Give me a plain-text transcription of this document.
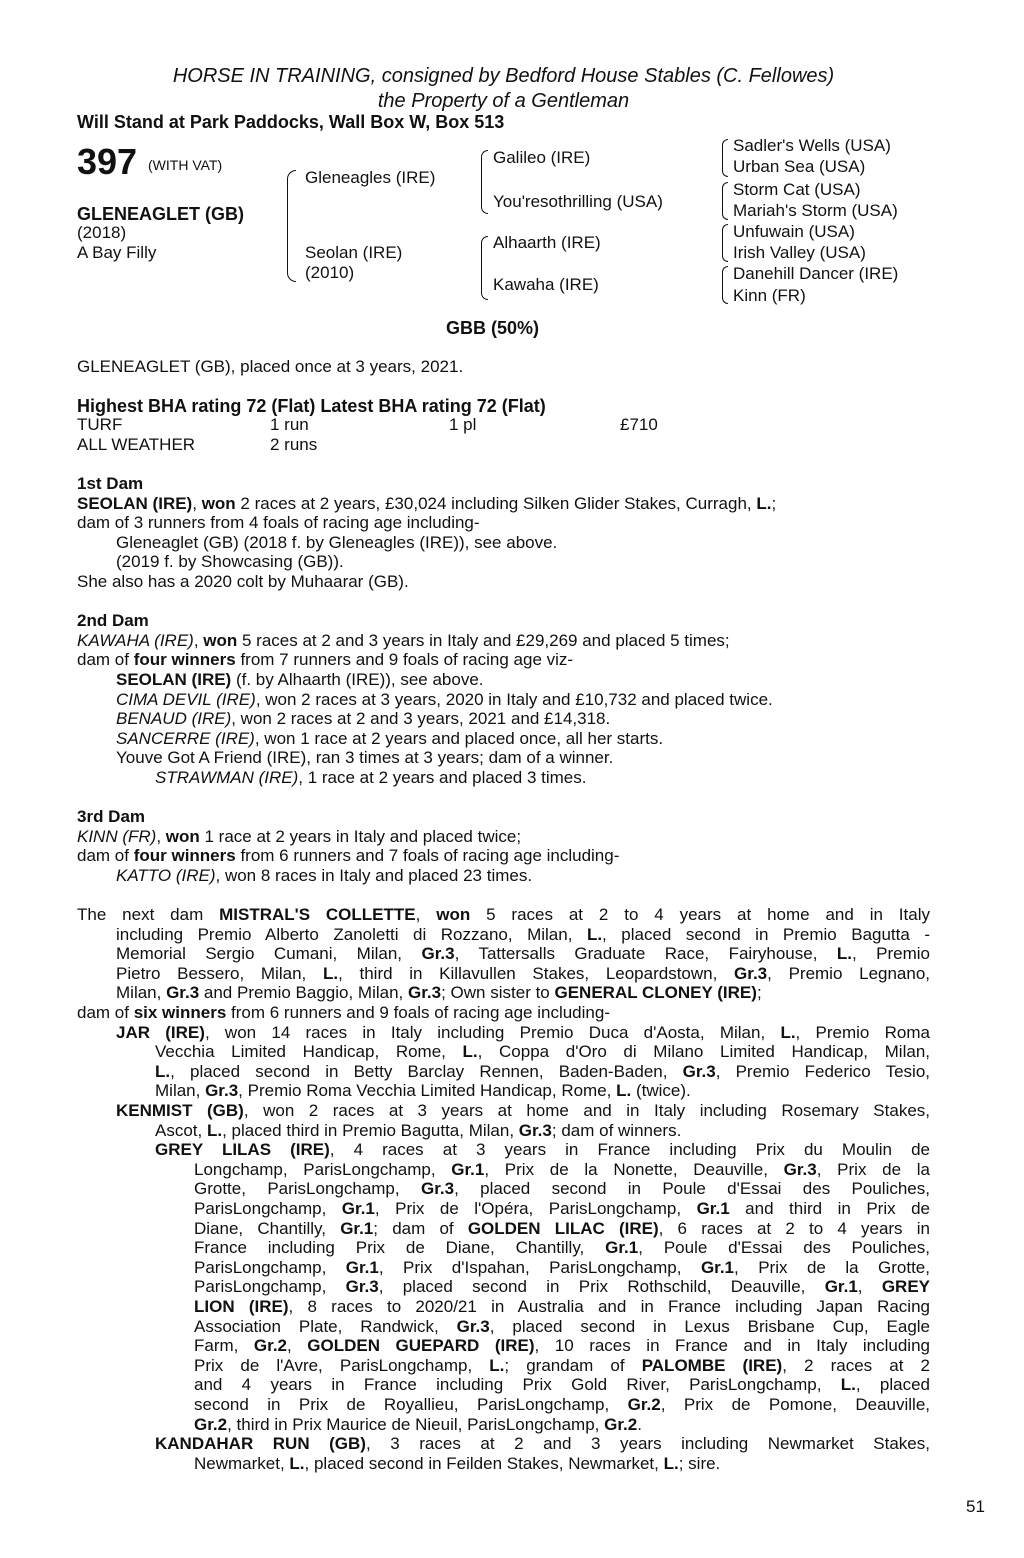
HORSE IN TRAINING, consigned by Bedford House Stables (C. Fellowes)
the Property of a Gentleman
Will Stand at Park Paddocks, Wall Box W, Box 513
397 (WITH VAT)
GLENEAGLET (GB)
(2018)
A Bay Filly
Gleneagles (IRE)
Seolan (IRE)
(2010)
Galileo (IRE)
You'resothrilling (USA)
Alhaarth (IRE)
Kawaha (IRE)
Sadler's Wells (USA)
Urban Sea (USA)
Storm Cat (USA)
Mariah's Storm (USA)
Unfuwain (USA)
Irish Valley (USA)
Danehill Dancer (IRE)
Kinn (FR)
GBB (50%)
GLENEAGLET (GB), placed once at 3 years, 2021.
Highest BHA rating 72 (Flat) Latest BHA rating 72 (Flat)
TURF	1 run	1 pl	£710
ALL WEATHER	2 runs
1st Dam
SEOLAN (IRE), won 2 races at 2 years, £30,024 including Silken Glider Stakes, Curragh, L.;
dam of 3 runners from 4 foals of racing age including-
Gleneaglet (GB) (2018 f. by Gleneagles (IRE)), see above.
(2019 f. by Showcasing (GB)).
She also has a 2020 colt by Muhaarar (GB).
2nd Dam
KAWAHA (IRE), won 5 races at 2 and 3 years in Italy and £29,269 and placed 5 times;
dam of four winners from 7 runners and 9 foals of racing age viz-
SEOLAN (IRE) (f. by Alhaarth (IRE)), see above.
CIMA DEVIL (IRE), won 2 races at 3 years, 2020 in Italy and £10,732 and placed twice.
BENAUD (IRE), won 2 races at 2 and 3 years, 2021 and £14,318.
SANCERRE (IRE), won 1 race at 2 years and placed once, all her starts.
Youve Got A Friend (IRE), ran 3 times at 3 years; dam of a winner.
STRAWMAN (IRE), 1 race at 2 years and placed 3 times.
3rd Dam
KINN (FR), won 1 race at 2 years in Italy and placed twice;
dam of four winners from 6 runners and 7 foals of racing age including-
KATTO (IRE), won 8 races in Italy and placed 23 times.
The next dam MISTRAL'S COLLETTE, won 5 races at 2 to 4 years at home and in Italy
including Premio Alberto Zanoletti di Rozzano, Milan, L., placed second in Premio Bagutta -
Memorial Sergio Cumani, Milan, Gr.3, Tattersalls Graduate Race, Fairyhouse, L., Premio
Pietro Bessero, Milan, L., third in Killavullen Stakes, Leopardstown, Gr.3, Premio Legnano,
Milan, Gr.3 and Premio Baggio, Milan, Gr.3; Own sister to GENERAL CLONEY (IRE);
dam of six winners from 6 runners and 9 foals of racing age including-
JAR (IRE), won 14 races in Italy including Premio Duca d'Aosta, Milan, L., Premio Roma
Vecchia Limited Handicap, Rome, L., Coppa d'Oro di Milano Limited Handicap, Milan,
L., placed second in Betty Barclay Rennen, Baden-Baden, Gr.3, Premio Federico Tesio,
Milan, Gr.3, Premio Roma Vecchia Limited Handicap, Rome, L. (twice).
KENMIST (GB), won 2 races at 3 years at home and in Italy including Rosemary Stakes,
Ascot, L., placed third in Premio Bagutta, Milan, Gr.3; dam of winners.
GREY LILAS (IRE), 4 races at 3 years in France including Prix du Moulin de
Longchamp, ParisLongchamp, Gr.1, Prix de la Nonette, Deauville, Gr.3, Prix de la
Grotte, ParisLongchamp, Gr.3, placed second in Poule d'Essai des Pouliches,
ParisLongchamp, Gr.1, Prix de l'Opéra, ParisLongchamp, Gr.1 and third in Prix de
Diane, Chantilly, Gr.1; dam of GOLDEN LILAC (IRE), 6 races at 2 to 4 years in
France including Prix de Diane, Chantilly, Gr.1, Poule d'Essai des Pouliches,
ParisLongchamp, Gr.1, Prix d'Ispahan, ParisLongchamp, Gr.1, Prix de la Grotte,
ParisLongchamp, Gr.3, placed second in Prix Rothschild, Deauville, Gr.1, GREY
LION (IRE), 8 races to 2020/21 in Australia and in France including Japan Racing
Association Plate, Randwick, Gr.3, placed second in Lexus Brisbane Cup, Eagle
Farm, Gr.2, GOLDEN GUEPARD (IRE), 10 races in France and in Italy including
Prix de l'Avre, ParisLongchamp, L.; grandam of PALOMBE (IRE), 2 races at 2
and 4 years in France including Prix Gold River, ParisLongchamp, L., placed
second in Prix de Royallieu, ParisLongchamp, Gr.2, Prix de Pomone, Deauville,
Gr.2, third in Prix Maurice de Nieuil, ParisLongchamp, Gr.2.
KANDAHAR RUN (GB), 3 races at 2 and 3 years including Newmarket Stakes,
Newmarket, L., placed second in Feilden Stakes, Newmarket, L.; sire.
51
